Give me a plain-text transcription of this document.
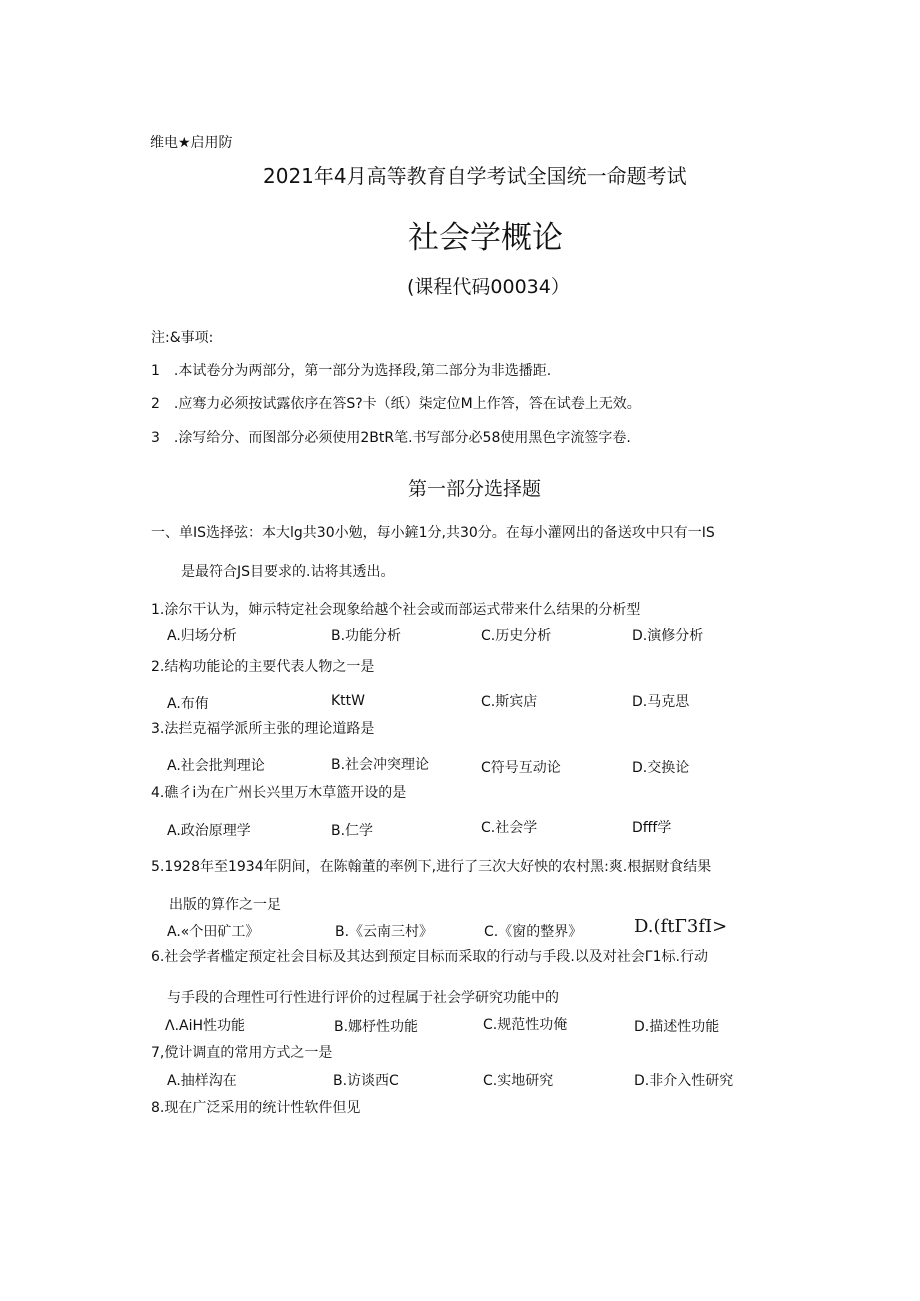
维电★启用防
2021年4月高等教育自学考试全国统一命题考试
社会学概论
(课程代码00034）
注:&事项:
1　.本试卷分为两部分，第一部分为选择段,第二部分为非选播距.
2　.应骞力必须按试露依序在答S?卡（纸）柒定位M上作答，答在试卷上无效。
3　.涂写给分、而图部分必须使用2BtR笔.书写部分必58使用黑色字流签字卷.
第一部分选择题
一、单IS选择弦：本大lg共30小勉，每小鏟1分,共30分。在每小灌网出的备送攻中只有一IS
是最符合JS目要求的.诂将其透出。
1.涂尔干认为，婶示特定社会现象给越个社会或而部运式带来什么结果的分析型
A.归场分析	B.功能分析	C.历史分析	D.演修分析
2.结构功能论的主要代表人物之一是
A.布侑	KttW	C.斯宾店	D.马克思
3.法拦克福学派所主张的理论道路是
A.社会批判理论	B.社会冲突理论	C符号互动论	D.交换论
4.礁彳i为在广州长兴里万木草篮开设的是
A.政治原理学	B.仁学	C.社会学	Dfff学
5.1928年至1934年阴间，在陈翰董的率例下,进行了三次大好怏的农村黑:爽.根据财食结果
出版的算作之一足
A.«个田矿工》	B.《云南三村》	C.《窗的整界》	D.(ftΓ3fI>
6.社会学者槛定预定社会目标及其达到预定目标而采取的行动与手段.以及对社会Γ1标.行动
与手段的合理性可行性进行评价的过程属于社会学研究功能中的
Λ.AiH性功能	B.娜杼性功能	C.规范性功俺	D.描述性功能
7,傥计调直的常用方式之一是
A.抽样沟在	B.访谈西C	C.实地研究	D.非介入性研究
8.现在广泛采用的统计性软件但见
